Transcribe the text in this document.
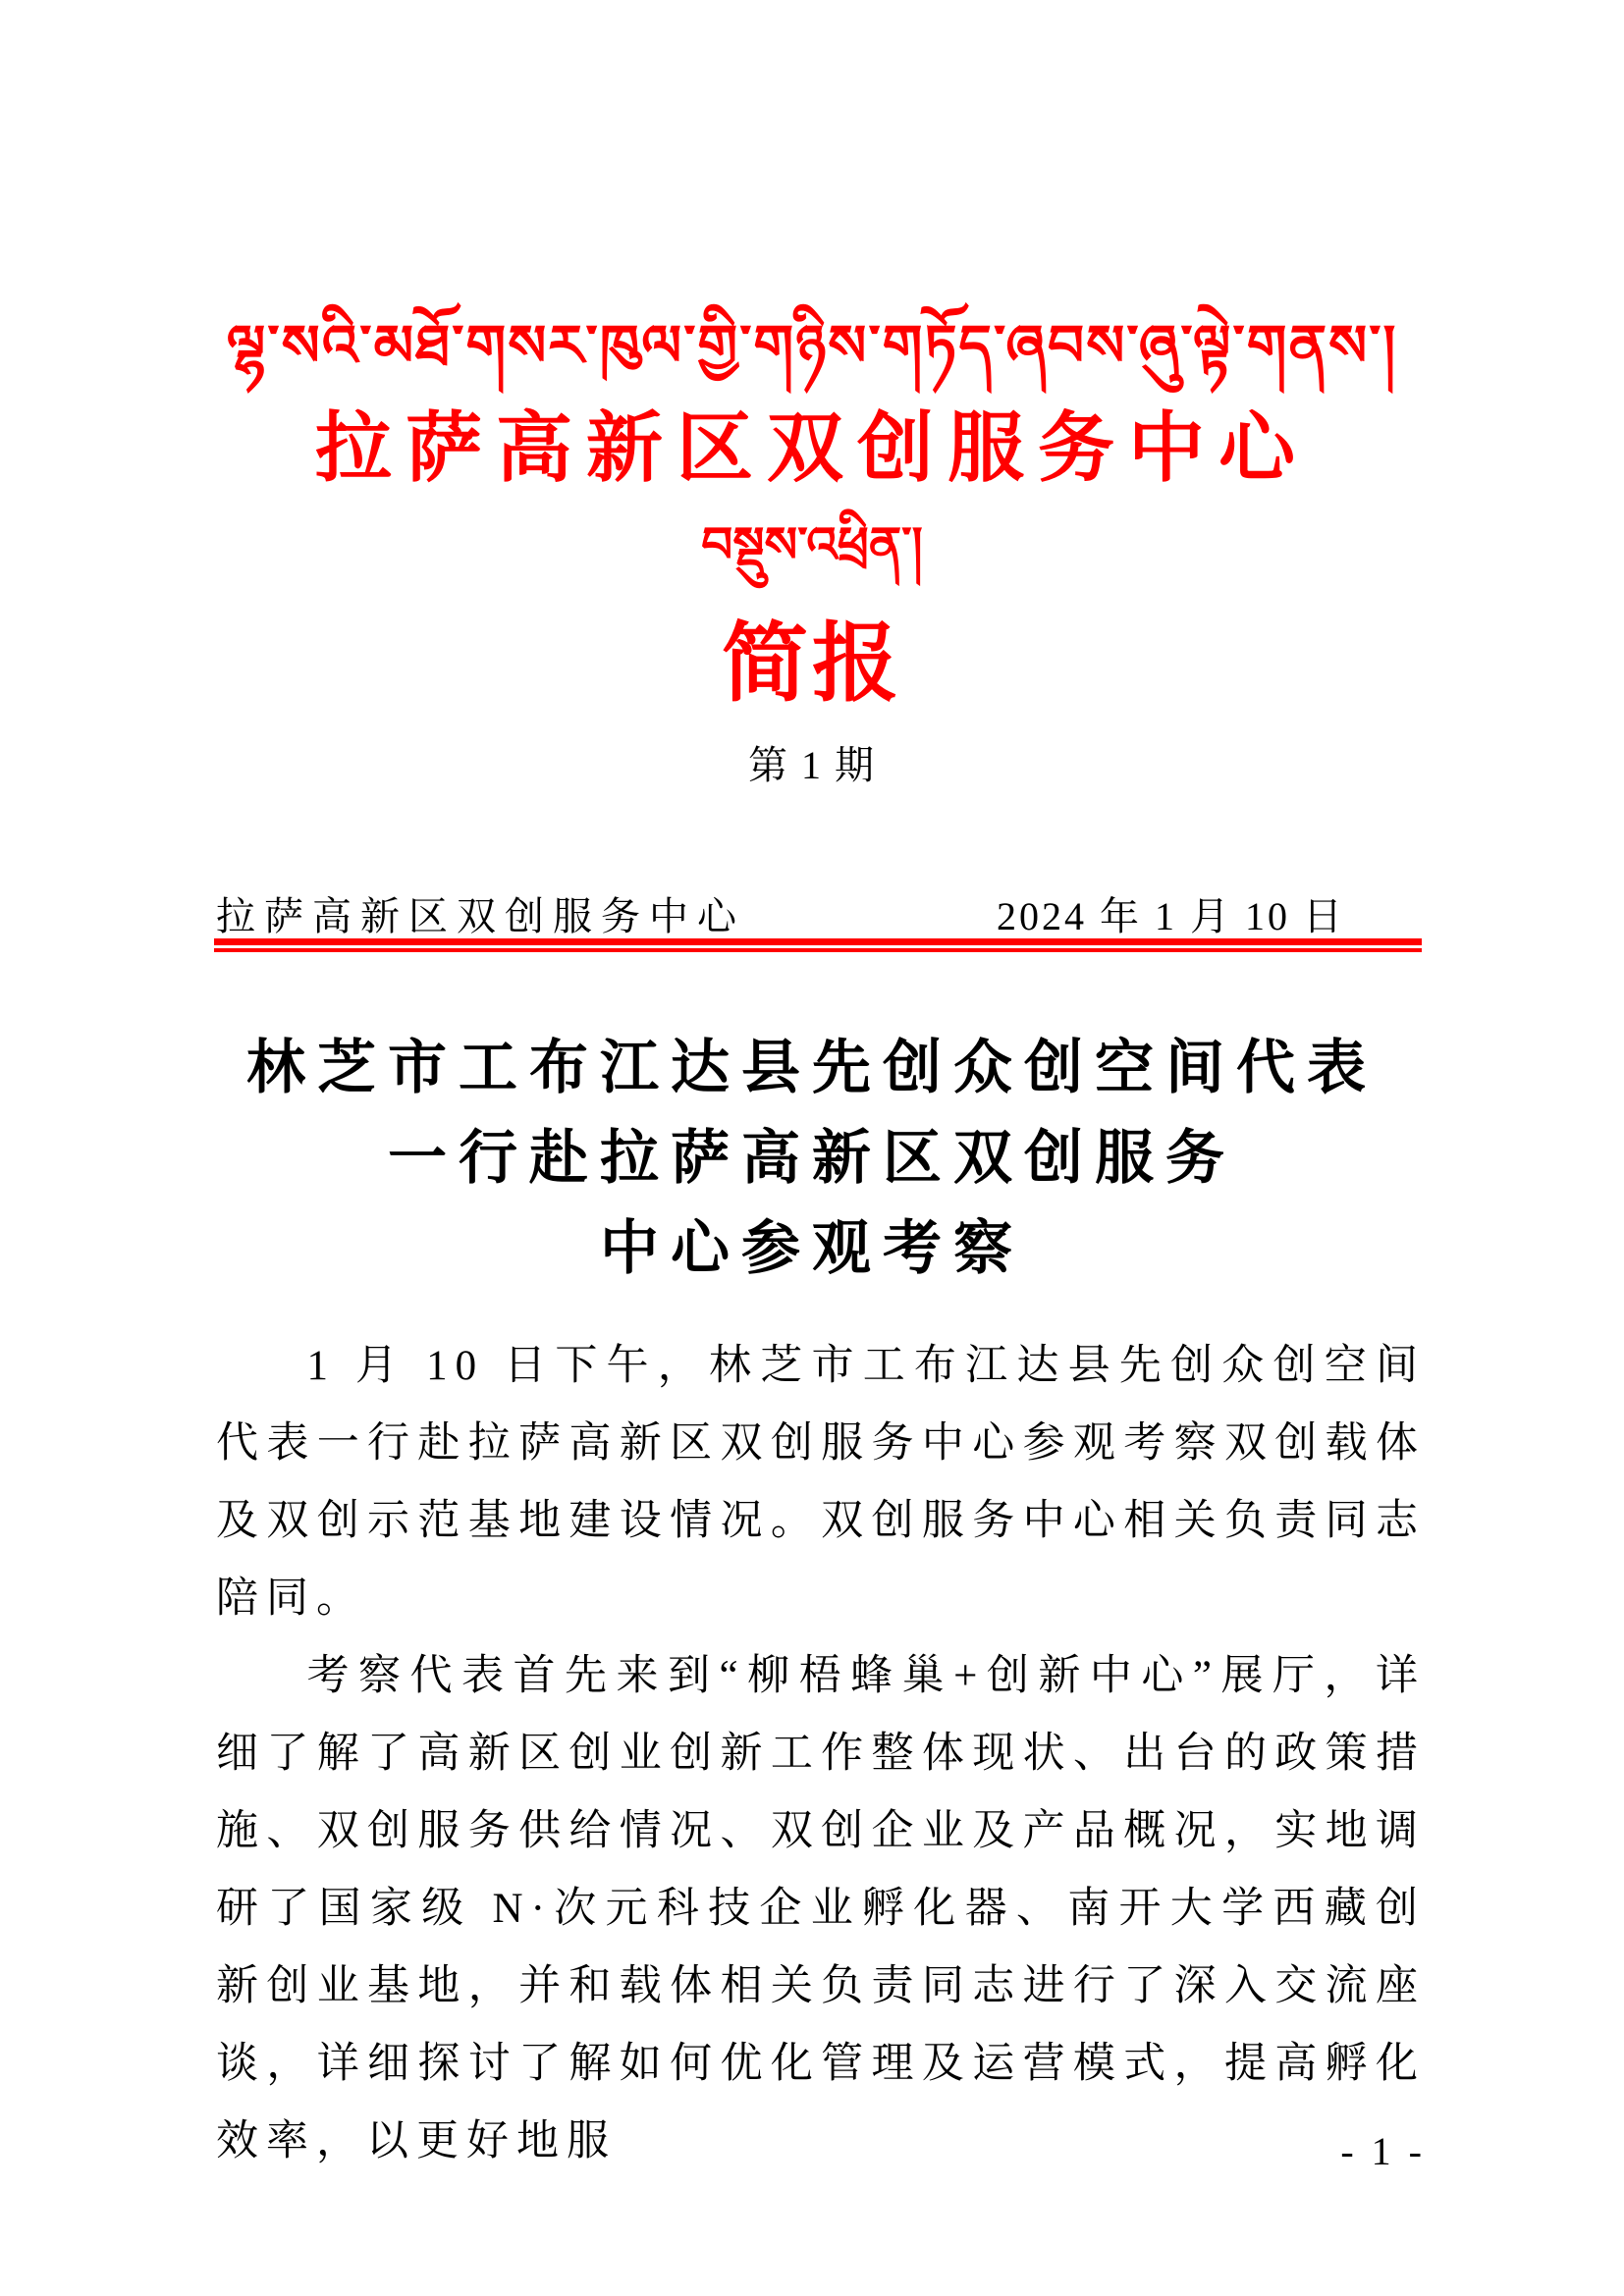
ལྷ་སའི་མཐོ་གསར་ཁུལ་གྱི་གཉིས་གཏོད་ཞབས་ཞུ་ལྟེ་གནས་།
拉萨高新区双创服务中心
བསྡུས་འཕྲིན་།
简报
第 1 期
拉萨高新区双创服务中心	2024 年 1 月 10 日
林芝市工布江达县先创众创空间代表
一行赴拉萨高新区双创服务
中心参观考察

1 月 10 日下午，林芝市工布江达县先创众创空间代表一行赴拉萨高新区双创服务中心参观考察双创载体及双创示范基地建设情况。双创服务中心相关负责同志陪同。

考察代表首先来到“柳梧蜂巢+创新中心”展厅，详细了解了高新区创业创新工作整体现状、出台的政策措施、双创服务供给情况、双创企业及产品概况，实地调研了国家级 N·次元科技企业孵化器、南开大学西藏创新创业基地，并和载体相关负责同志进行了深入交流座谈，详细探讨了解如何优化管理及运营模式，提高孵化效率，以更好地服	- 1 -
